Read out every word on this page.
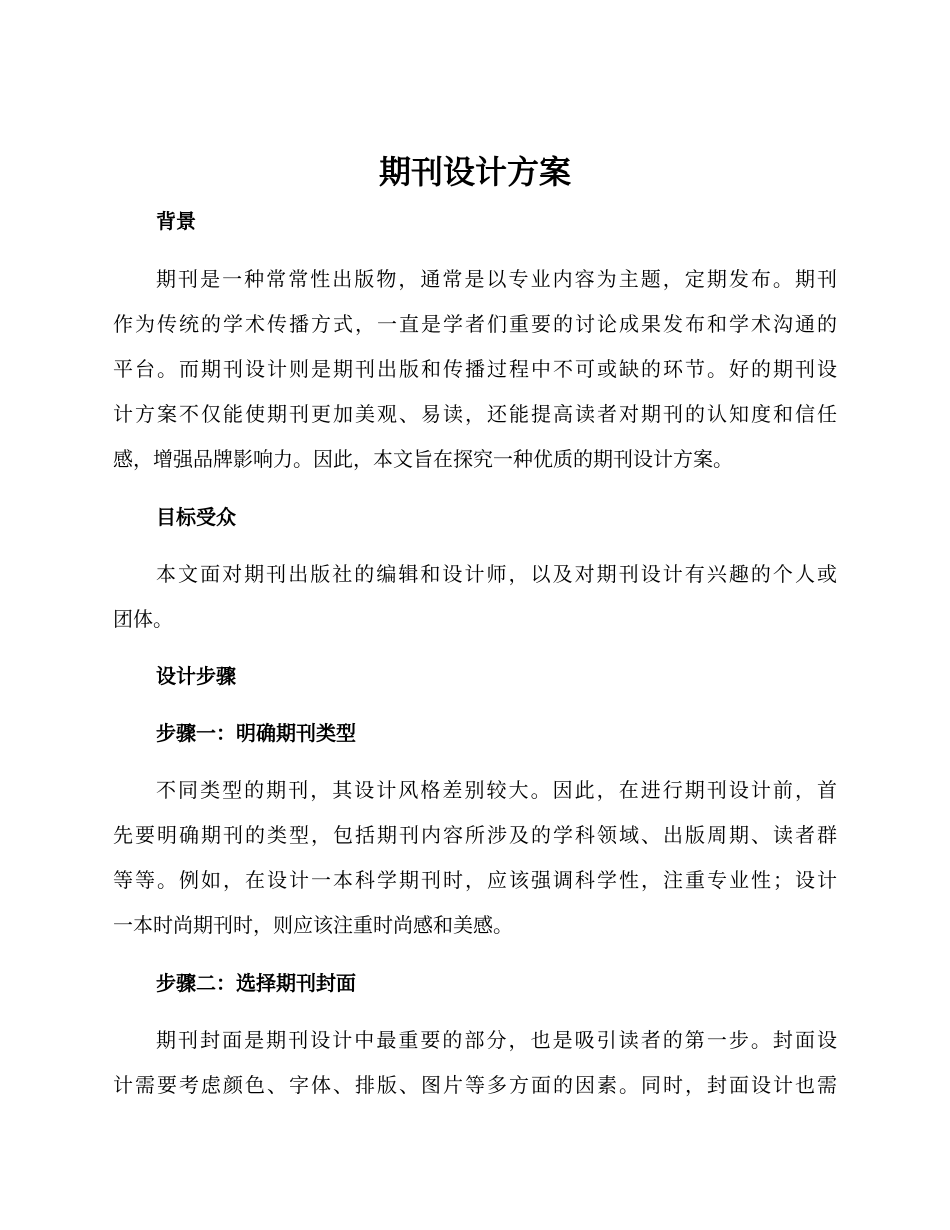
期刊设计方案
背景
期刊是一种常常性出版物，通常是以专业内容为主题，定期发布。期刊
作为传统的学术传播方式，一直是学者们重要的讨论成果发布和学术沟通的
平台。而期刊设计则是期刊出版和传播过程中不可或缺的环节。好的期刊设
计方案不仅能使期刊更加美观、易读，还能提高读者对期刊的认知度和信任
感，增强品牌影响力。因此，本文旨在探究一种优质的期刊设计方案。
目标受众
本文面对期刊出版社的编辑和设计师，以及对期刊设计有兴趣的个人或
团体。
设计步骤
步骤一：明确期刊类型
不同类型的期刊，其设计风格差别较大。因此，在进行期刊设计前，首
先要明确期刊的类型，包括期刊内容所涉及的学科领域、出版周期、读者群
等等。例如，在设计一本科学期刊时，应该强调科学性，注重专业性；设计
一本时尚期刊时，则应该注重时尚感和美感。
步骤二：选择期刊封面
期刊封面是期刊设计中最重要的部分，也是吸引读者的第一步。封面设
计需要考虑颜色、字体、排版、图片等多方面的因素。同时，封面设计也需
